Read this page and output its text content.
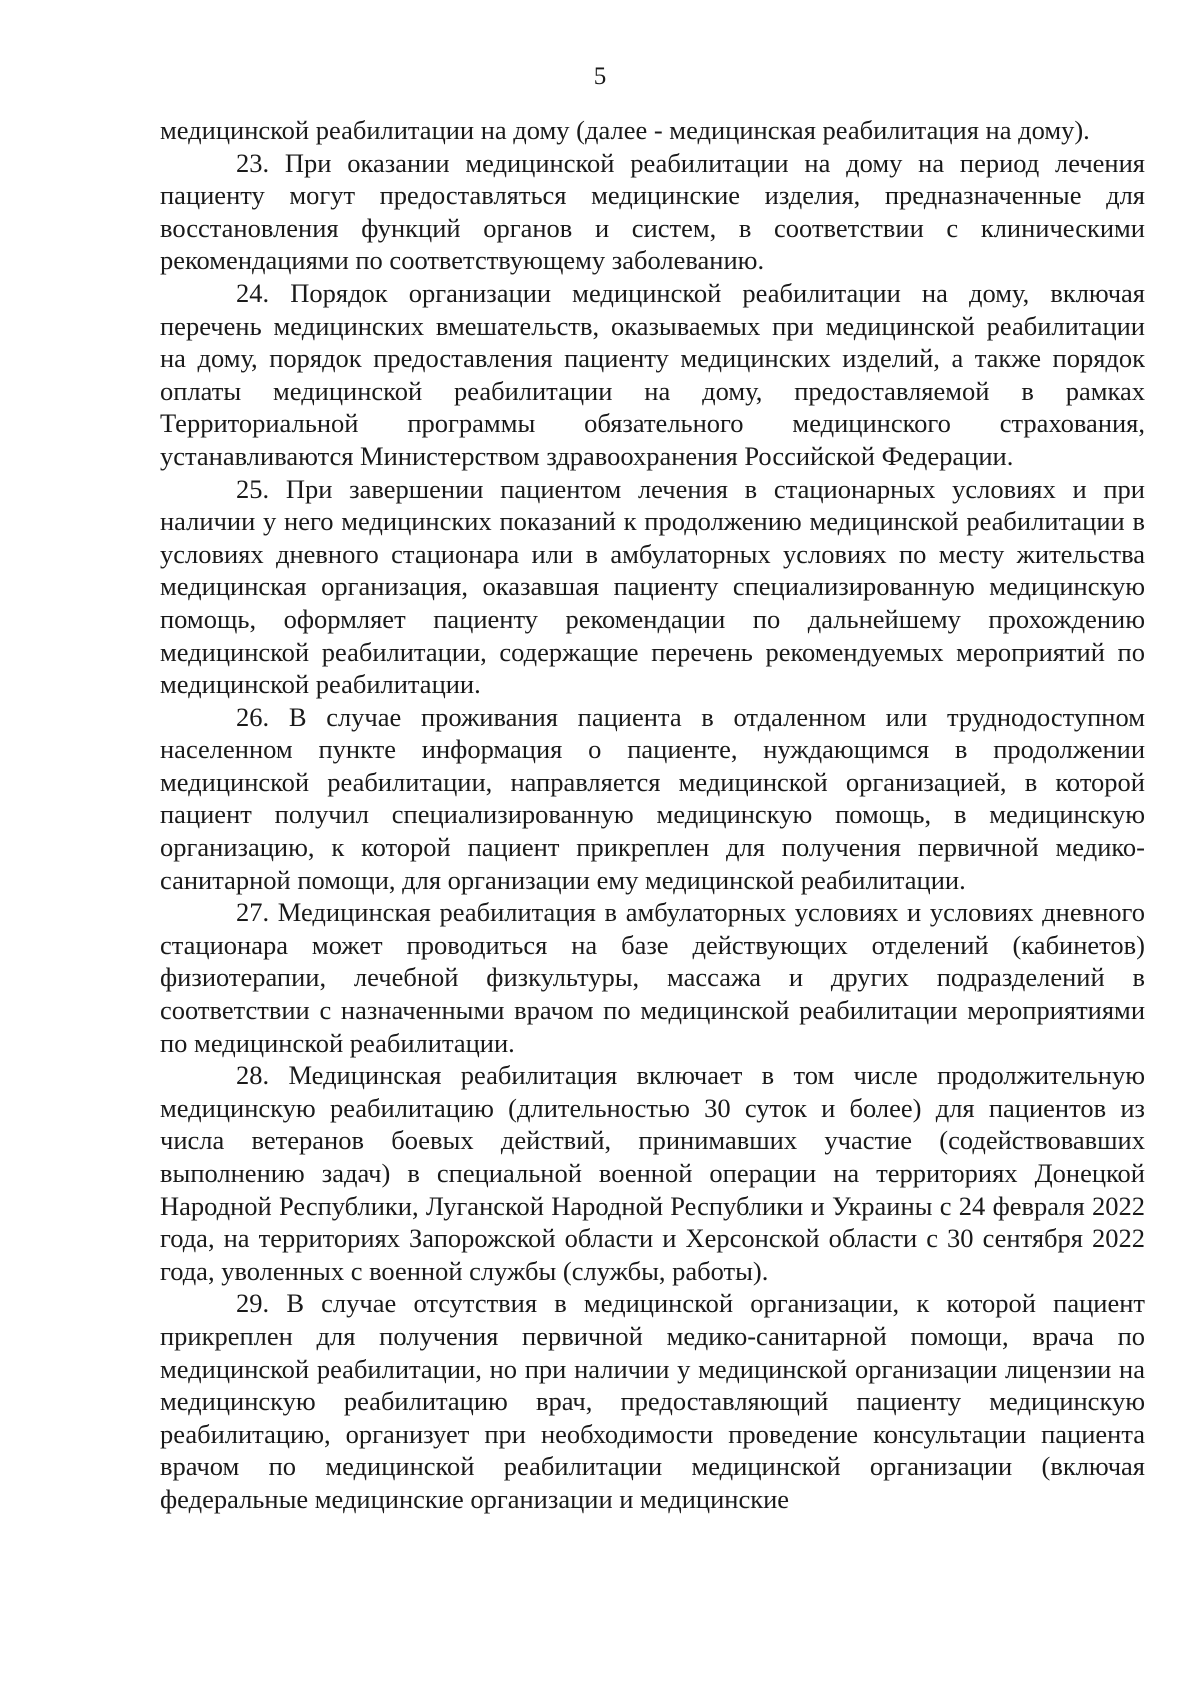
5

медицинской реабилитации на дому (далее - медицинская реабилитация на дому).

23. При оказании медицинской реабилитации на дому на период лечения пациенту могут предоставляться медицинские изделия, предназначенные для восстановления функций органов и систем, в соответствии с клиническими рекомендациями по соответствующему заболеванию.

24. Порядок организации медицинской реабилитации на дому, включая перечень медицинских вмешательств, оказываемых при медицинской реабилитации на дому, порядок предоставления пациенту медицинских изделий, а также порядок оплаты медицинской реабилитации на дому, предоставляемой в рамках Территориальной программы обязательного медицинского страхования, устанавливаются Министерством здравоохранения Российской Федерации.

25. При завершении пациентом лечения в стационарных условиях и при наличии у него медицинских показаний к продолжению медицинской реабилитации в условиях дневного стационара или в амбулаторных условиях по месту жительства медицинская организация, оказавшая пациенту специализированную медицинскую помощь, оформляет пациенту рекомендации по дальнейшему прохождению медицинской реабилитации, содержащие перечень рекомендуемых мероприятий по медицинской реабилитации.

26. В случае проживания пациента в отдаленном или труднодоступном населенном пункте информация о пациенте, нуждающимся в продолжении медицинской реабилитации, направляется медицинской организацией, в которой пациент получил специализированную медицинскую помощь, в медицинскую организацию, к которой пациент прикреплен для получения первичной медико-санитарной помощи, для организации ему медицинской реабилитации.

27. Медицинская реабилитация в амбулаторных условиях и условиях дневного стационара может проводиться на базе действующих отделений (кабинетов) физиотерапии, лечебной физкультуры, массажа и других подразделений в соответствии с назначенными врачом по медицинской реабилитации мероприятиями по медицинской реабилитации.

28. Медицинская реабилитация включает в том числе продолжительную медицинскую реабилитацию (длительностью 30 суток и более) для пациентов из числа ветеранов боевых действий, принимавших участие (содействовавших выполнению задач) в специальной военной операции на территориях Донецкой Народной Республики, Луганской Народной Республики и Украины с 24 февраля 2022 года, на территориях Запорожской области и Херсонской области с 30 сентября 2022 года, уволенных с военной службы (службы, работы).

29. В случае отсутствия в медицинской организации, к которой пациент прикреплен для получения первичной медико-санитарной помощи, врача по медицинской реабилитации, но при наличии у медицинской организации лицензии на медицинскую реабилитацию врач, предоставляющий пациенту медицинскую реабилитацию, организует при необходимости проведение консультации пациента врачом по медицинской реабилитации медицинской организации (включая федеральные медицинские организации и медицинские
